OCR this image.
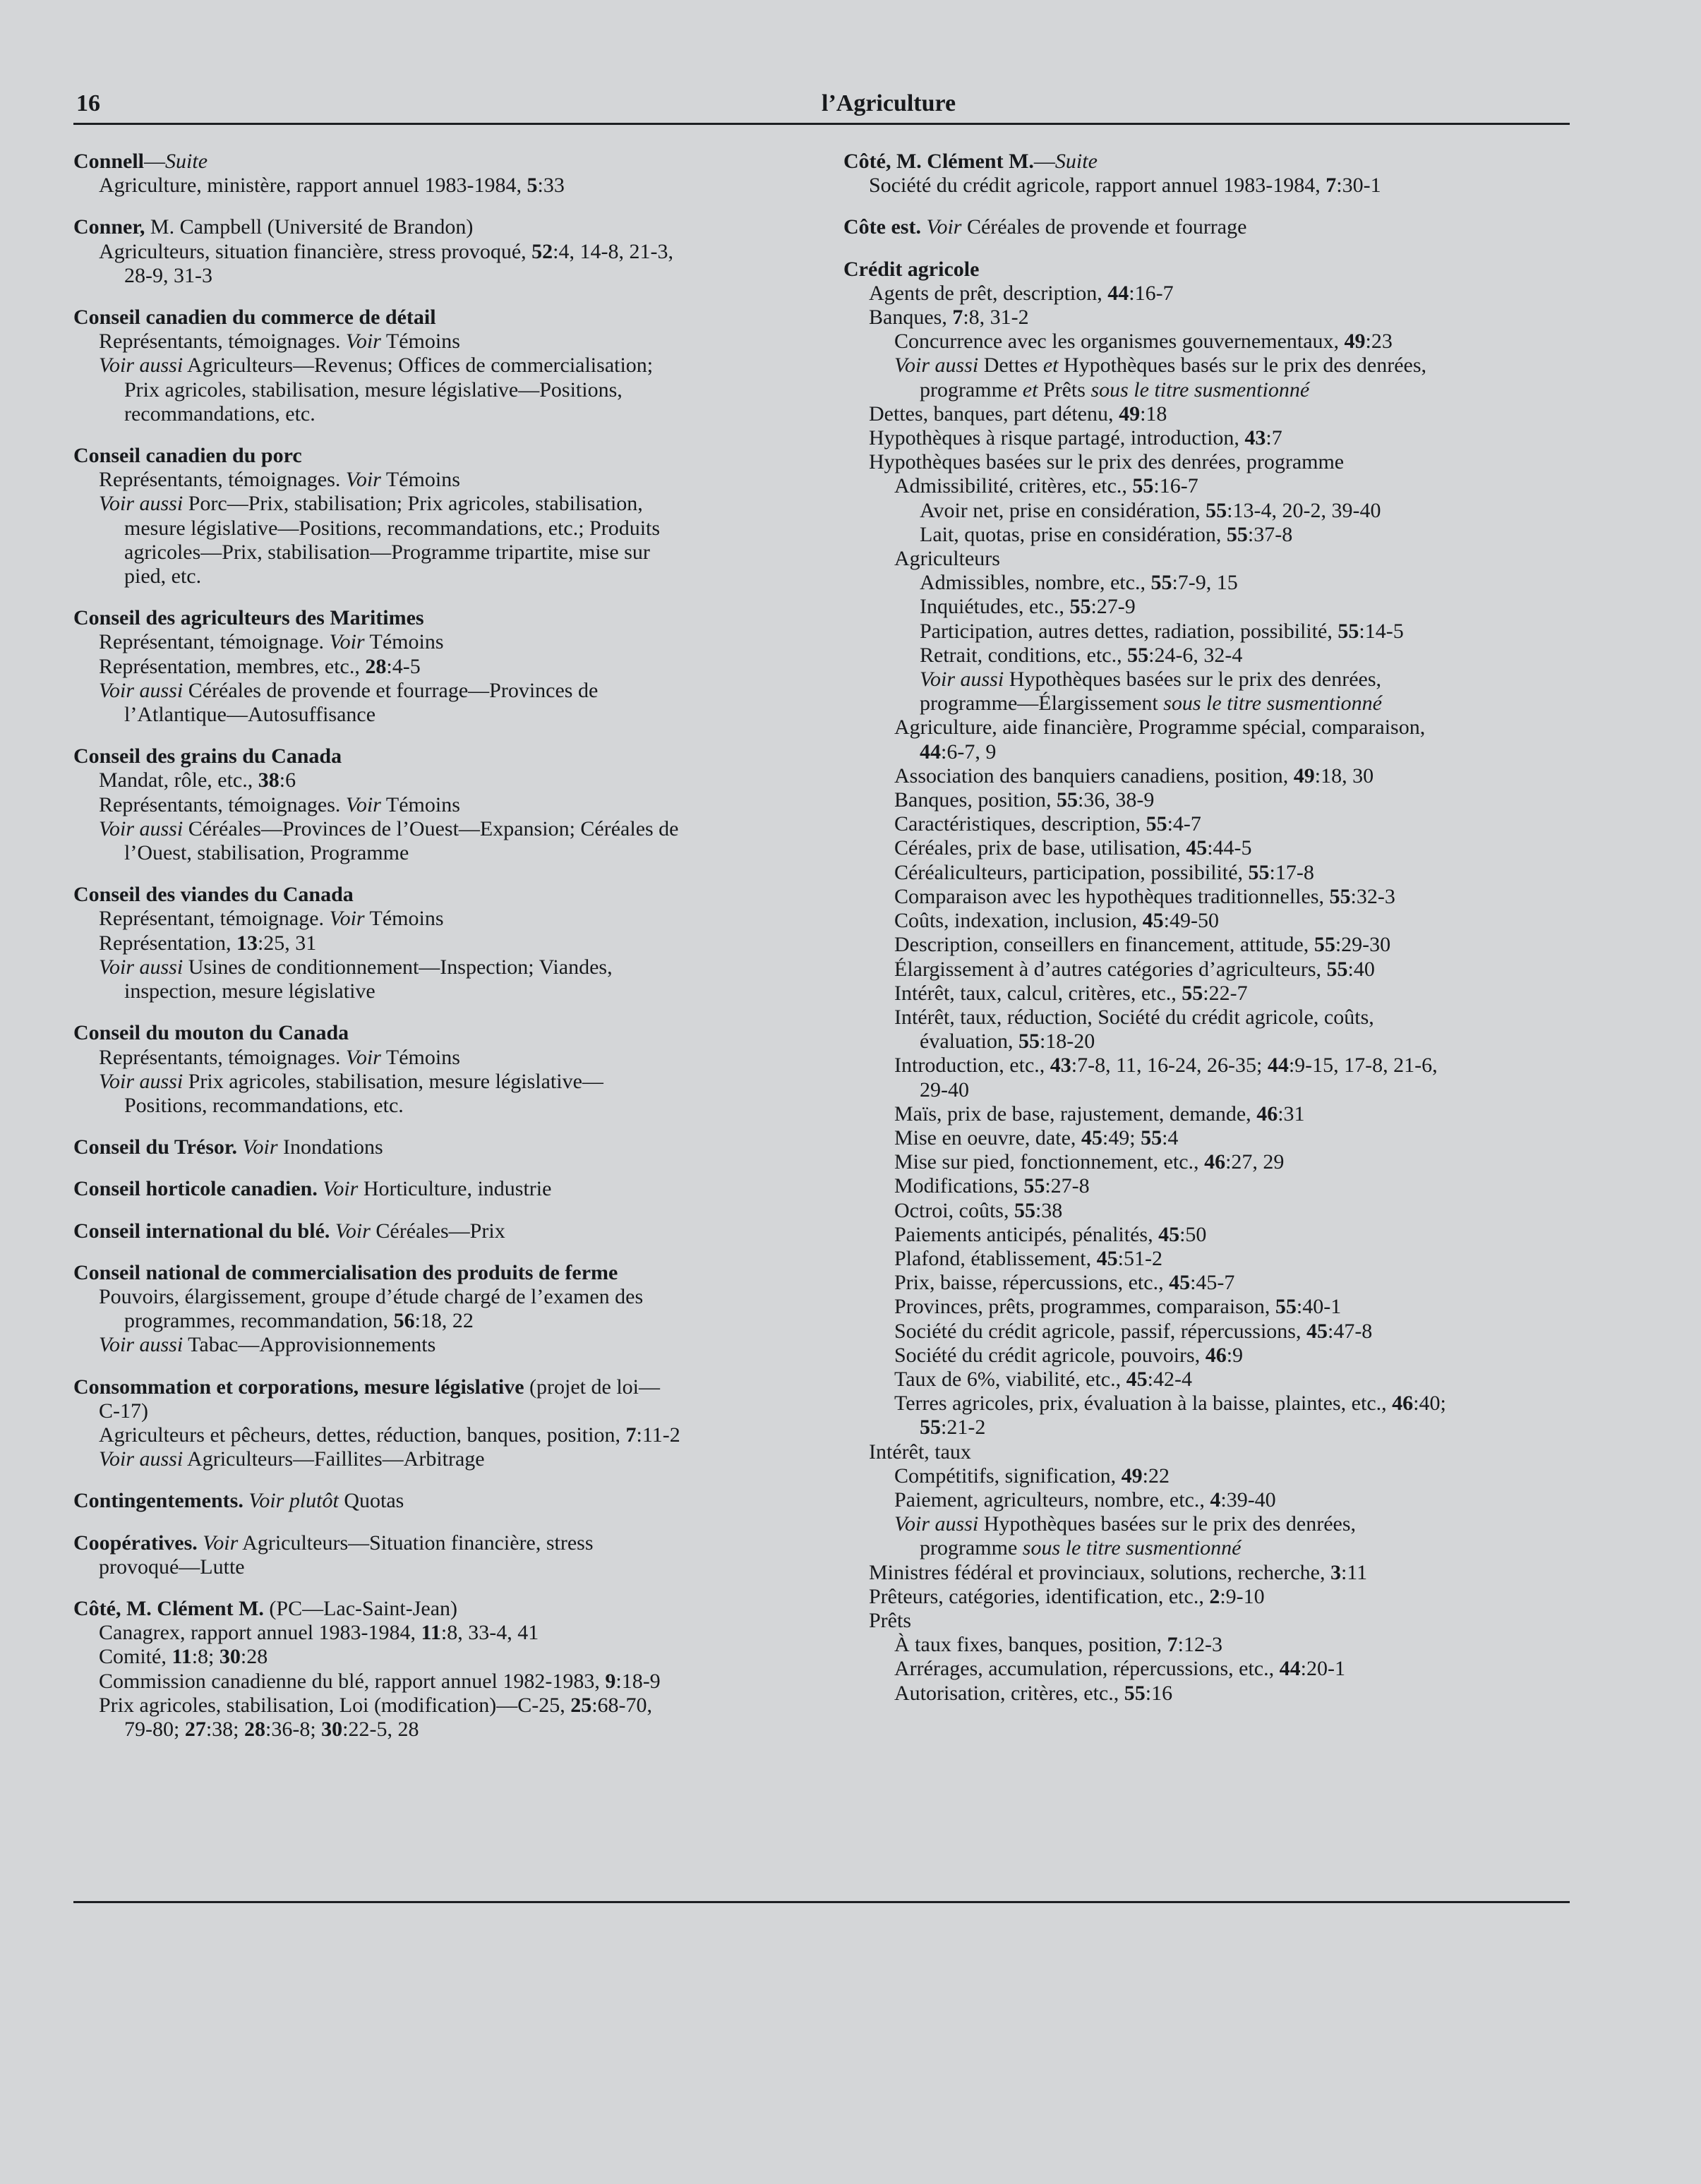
16	l’Agriculture
Connell—Suite
Agriculture, ministère, rapport annuel 1983-1984, 5:33
Conner, M. Campbell (Université de Brandon)
Agriculteurs, situation financière, stress provoqué, 52:4, 14-8, 21-3,
28-9, 31-3
Conseil canadien du commerce de détail
Représentants, témoignages. Voir Témoins
Voir aussi Agriculteurs—Revenus; Offices de commercialisation;
Prix agricoles, stabilisation, mesure législative—Positions,
recommandations, etc.
Conseil canadien du porc
Représentants, témoignages. Voir Témoins
Voir aussi Porc—Prix, stabilisation; Prix agricoles, stabilisation,
mesure législative—Positions, recommandations, etc.; Produits
agricoles—Prix, stabilisation—Programme tripartite, mise sur
pied, etc.
Conseil des agriculteurs des Maritimes
Représentant, témoignage. Voir Témoins
Représentation, membres, etc., 28:4-5
Voir aussi Céréales de provende et fourrage—Provinces de
l’Atlantique—Autosuffisance
Conseil des grains du Canada
Mandat, rôle, etc., 38:6
Représentants, témoignages. Voir Témoins
Voir aussi Céréales—Provinces de l’Ouest—Expansion; Céréales de
l’Ouest, stabilisation, Programme
Conseil des viandes du Canada
Représentant, témoignage. Voir Témoins
Représentation, 13:25, 31
Voir aussi Usines de conditionnement—Inspection; Viandes,
inspection, mesure législative
Conseil du mouton du Canada
Représentants, témoignages. Voir Témoins
Voir aussi Prix agricoles, stabilisation, mesure législative—
Positions, recommandations, etc.
Conseil du Trésor. Voir Inondations
Conseil horticole canadien. Voir Horticulture, industrie
Conseil international du blé. Voir Céréales—Prix
Conseil national de commercialisation des produits de ferme
Pouvoirs, élargissement, groupe d’étude chargé de l’examen des
programmes, recommandation, 56:18, 22
Voir aussi Tabac—Approvisionnements
Consommation et corporations, mesure législative (projet de loi—
C-17)
Agriculteurs et pêcheurs, dettes, réduction, banques, position, 7:11-2
Voir aussi Agriculteurs—Faillites—Arbitrage
Contingentements. Voir plutôt Quotas
Coopératives. Voir Agriculteurs—Situation financière, stress
provoqué—Lutte
Côté, M. Clément M. (PC—Lac-Saint-Jean)
Canagrex, rapport annuel 1983-1984, 11:8, 33-4, 41
Comité, 11:8; 30:28
Commission canadienne du blé, rapport annuel 1982-1983, 9:18-9
Prix agricoles, stabilisation, Loi (modification)—C-25, 25:68-70,
79-80; 27:38; 28:36-8; 30:22-5, 28
Côté, M. Clément M.—Suite
Société du crédit agricole, rapport annuel 1983-1984, 7:30-1
Côte est. Voir Céréales de provende et fourrage
Crédit agricole
Agents de prêt, description, 44:16-7
Banques, 7:8, 31-2
Concurrence avec les organismes gouvernementaux, 49:23
Voir aussi Dettes et Hypothèques basés sur le prix des denrées,
programme et Prêts sous le titre susmentionné
Dettes, banques, part détenu, 49:18
Hypothèques à risque partagé, introduction, 43:7
Hypothèques basées sur le prix des denrées, programme
Admissibilité, critères, etc., 55:16-7
Avoir net, prise en considération, 55:13-4, 20-2, 39-40
Lait, quotas, prise en considération, 55:37-8
Agriculteurs
Admissibles, nombre, etc., 55:7-9, 15
Inquiétudes, etc., 55:27-9
Participation, autres dettes, radiation, possibilité, 55:14-5
Retrait, conditions, etc., 55:24-6, 32-4
Voir aussi Hypothèques basées sur le prix des denrées,
programme—Élargissement sous le titre susmentionné
Agriculture, aide financière, Programme spécial, comparaison,
44:6-7, 9
Association des banquiers canadiens, position, 49:18, 30
Banques, position, 55:36, 38-9
Caractéristiques, description, 55:4-7
Céréales, prix de base, utilisation, 45:44-5
Céréaliculteurs, participation, possibilité, 55:17-8
Comparaison avec les hypothèques traditionnelles, 55:32-3
Coûts, indexation, inclusion, 45:49-50
Description, conseillers en financement, attitude, 55:29-30
Élargissement à d’autres catégories d’agriculteurs, 55:40
Intérêt, taux, calcul, critères, etc., 55:22-7
Intérêt, taux, réduction, Société du crédit agricole, coûts,
évaluation, 55:18-20
Introduction, etc., 43:7-8, 11, 16-24, 26-35; 44:9-15, 17-8, 21-6,
29-40
Maïs, prix de base, rajustement, demande, 46:31
Mise en oeuvre, date, 45:49; 55:4
Mise sur pied, fonctionnement, etc., 46:27, 29
Modifications, 55:27-8
Octroi, coûts, 55:38
Paiements anticipés, pénalités, 45:50
Plafond, établissement, 45:51-2
Prix, baisse, répercussions, etc., 45:45-7
Provinces, prêts, programmes, comparaison, 55:40-1
Société du crédit agricole, passif, répercussions, 45:47-8
Société du crédit agricole, pouvoirs, 46:9
Taux de 6%, viabilité, etc., 45:42-4
Terres agricoles, prix, évaluation à la baisse, plaintes, etc., 46:40;
55:21-2
Intérêt, taux
Compétitifs, signification, 49:22
Paiement, agriculteurs, nombre, etc., 4:39-40
Voir aussi Hypothèques basées sur le prix des denrées,
programme sous le titre susmentionné
Ministres fédéral et provinciaux, solutions, recherche, 3:11
Prêteurs, catégories, identification, etc., 2:9-10
Prêts
À taux fixes, banques, position, 7:12-3
Arrérages, accumulation, répercussions, etc., 44:20-1
Autorisation, critères, etc., 55:16
